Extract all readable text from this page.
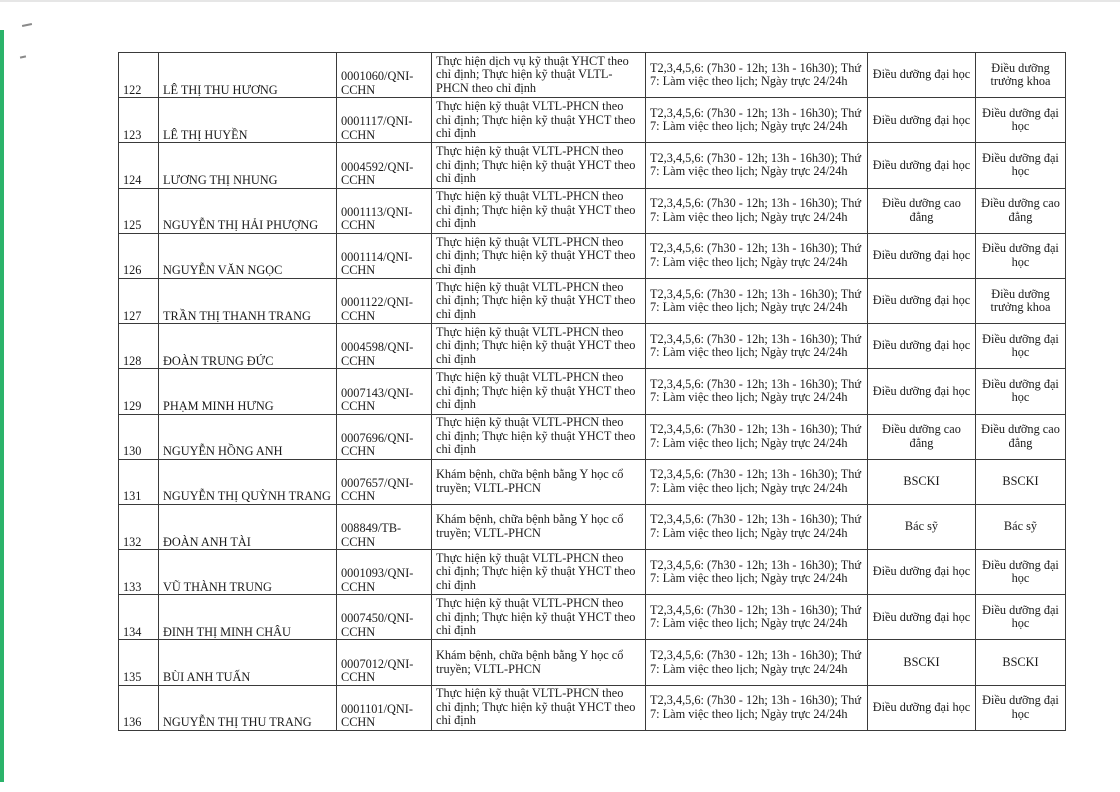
122	LÊ THỊ THU HƯƠNG	0001060/QNI-CCHN	Thực hiện dịch vụ kỹ thuật YHCT theo chỉ định; Thực hiện kỹ thuật VLTL-PHCN theo chỉ định	T2,3,4,5,6: (7h30 - 12h; 13h - 16h30); Thứ 7: Làm việc theo lịch; Ngày trực 24/24h	Điều dưỡng đại học	Điều dưỡng trưởng khoa
123	LÊ THỊ HUYỀN	0001117/QNI-CCHN	Thực hiện kỹ thuật VLTL-PHCN theo chỉ định; Thực hiện kỹ thuật YHCT theo chỉ định	T2,3,4,5,6: (7h30 - 12h; 13h - 16h30); Thứ 7: Làm việc theo lịch; Ngày trực 24/24h	Điều dưỡng đại học	Điều dưỡng đại học
124	LƯƠNG THỊ NHUNG	0004592/QNI-CCHN	Thực hiện kỹ thuật VLTL-PHCN theo chỉ định; Thực hiện kỹ thuật YHCT theo chỉ định	T2,3,4,5,6: (7h30 - 12h; 13h - 16h30); Thứ 7: Làm việc theo lịch; Ngày trực 24/24h	Điều dưỡng đại học	Điều dưỡng đại học
125	NGUYỄN THỊ HẢI PHƯỢNG	0001113/QNI-CCHN	Thực hiện kỹ thuật VLTL-PHCN theo chỉ định; Thực hiện kỹ thuật YHCT theo chỉ định	T2,3,4,5,6: (7h30 - 12h; 13h - 16h30); Thứ 7: Làm việc theo lịch; Ngày trực 24/24h	Điều dưỡng cao đẳng	Điều dưỡng cao đẳng
126	NGUYỄN VĂN NGỌC	0001114/QNI-CCHN	Thực hiện kỹ thuật VLTL-PHCN theo chỉ định; Thực hiện kỹ thuật YHCT theo chỉ định	T2,3,4,5,6: (7h30 - 12h; 13h - 16h30); Thứ 7: Làm việc theo lịch; Ngày trực 24/24h	Điều dưỡng đại học	Điều dưỡng đại học
127	TRẦN THỊ THANH TRANG	0001122/QNI-CCHN	Thực hiện kỹ thuật VLTL-PHCN theo chỉ định; Thực hiện kỹ thuật YHCT theo chỉ định	T2,3,4,5,6: (7h30 - 12h; 13h - 16h30); Thứ 7: Làm việc theo lịch; Ngày trực 24/24h	Điều dưỡng đại học	Điều dưỡng trưởng khoa
128	ĐOÀN TRUNG ĐỨC	0004598/QNI-CCHN	Thực hiện kỹ thuật VLTL-PHCN theo chỉ định; Thực hiện kỹ thuật YHCT theo chỉ định	T2,3,4,5,6: (7h30 - 12h; 13h - 16h30); Thứ 7: Làm việc theo lịch; Ngày trực 24/24h	Điều dưỡng đại học	Điều dưỡng đại học
129	PHẠM MINH HƯNG	0007143/QNI-CCHN	Thực hiện kỹ thuật VLTL-PHCN theo chỉ định; Thực hiện kỹ thuật YHCT theo chỉ định	T2,3,4,5,6: (7h30 - 12h; 13h - 16h30); Thứ 7: Làm việc theo lịch; Ngày trực 24/24h	Điều dưỡng đại học	Điều dưỡng đại học
130	NGUYỄN HỒNG ANH	0007696/QNI-CCHN	Thực hiện kỹ thuật VLTL-PHCN theo chỉ định; Thực hiện kỹ thuật YHCT theo chỉ định	T2,3,4,5,6: (7h30 - 12h; 13h - 16h30); Thứ 7: Làm việc theo lịch; Ngày trực 24/24h	Điều dưỡng cao đẳng	Điều dưỡng cao đẳng
131	NGUYỄN THỊ QUỲNH TRANG	0007657/QNI-CCHN	Khám bệnh, chữa bệnh bằng Y học cổ truyền; VLTL-PHCN	T2,3,4,5,6: (7h30 - 12h; 13h - 16h30); Thứ 7: Làm việc theo lịch; Ngày trực 24/24h	BSCKI	BSCKI
132	ĐOÀN ANH TÀI	008849/TB-CCHN	Khám bệnh, chữa bệnh bằng Y học cổ truyền; VLTL-PHCN	T2,3,4,5,6: (7h30 - 12h; 13h - 16h30); Thứ 7: Làm việc theo lịch; Ngày trực 24/24h	Bác sỹ	Bác sỹ
133	VŨ THÀNH TRUNG	0001093/QNI-CCHN	Thực hiện kỹ thuật VLTL-PHCN theo chỉ định; Thực hiện kỹ thuật YHCT theo chỉ định	T2,3,4,5,6: (7h30 - 12h; 13h - 16h30); Thứ 7: Làm việc theo lịch; Ngày trực 24/24h	Điều dưỡng đại học	Điều dưỡng đại học
134	ĐINH THỊ MINH CHÂU	0007450/QNI-CCHN	Thực hiện kỹ thuật VLTL-PHCN theo chỉ định; Thực hiện kỹ thuật YHCT theo chỉ định	T2,3,4,5,6: (7h30 - 12h; 13h - 16h30); Thứ 7: Làm việc theo lịch; Ngày trực 24/24h	Điều dưỡng đại học	Điều dưỡng đại học
135	BÙI ANH TUẤN	0007012/QNI-CCHN	Khám bệnh, chữa bệnh bằng Y học cổ truyền; VLTL-PHCN	T2,3,4,5,6: (7h30 - 12h; 13h - 16h30); Thứ 7: Làm việc theo lịch; Ngày trực 24/24h	BSCKI	BSCKI
136	NGUYỄN THỊ THU TRANG	0001101/QNI-CCHN	Thực hiện kỹ thuật VLTL-PHCN theo chỉ định; Thực hiện kỹ thuật YHCT theo chỉ định	T2,3,4,5,6: (7h30 - 12h; 13h - 16h30); Thứ 7: Làm việc theo lịch; Ngày trực 24/24h	Điều dưỡng đại học	Điều dưỡng đại học
